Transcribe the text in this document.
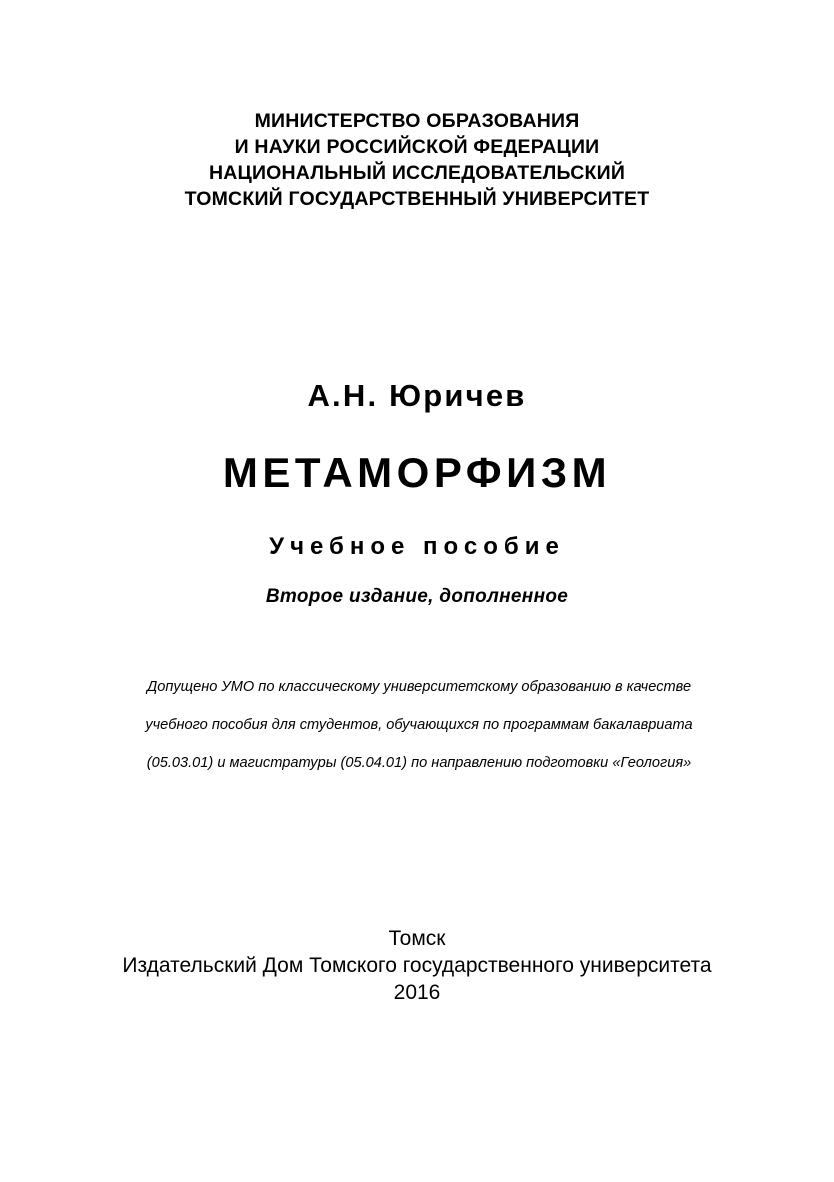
МИНИСТЕРСТВО ОБРАЗОВАНИЯ
И НАУКИ РОССИЙСКОЙ ФЕДЕРАЦИИ
НАЦИОНАЛЬНЫЙ ИССЛЕДОВАТЕЛЬСКИЙ
ТОМСКИЙ ГОСУДАРСТВЕННЫЙ УНИВЕРСИТЕТ
А.Н. Юричев
МЕТАМОРФИЗМ
Учебное пособие
Второе издание, дополненное
Допущено УМО по классическому университетскому образованию в качестве
учебного пособия для студентов, обучающихся по программам бакалавриата
(05.03.01) и магистратуры (05.04.01) по направлению подготовки «Геология»
Томск
Издательский Дом Томского государственного университета
2016
